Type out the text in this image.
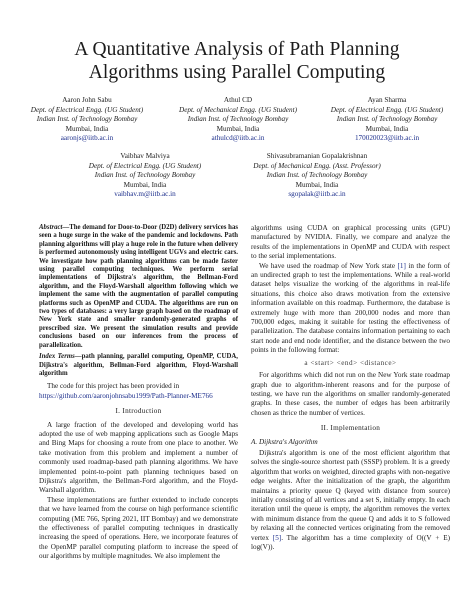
A Quantitative Analysis of Path Planning
Algorithms using Parallel Computing
Aaron John Sabu
Dept. of Electrical Engg. (UG Student)
Indian Inst. of Technology Bombay
Mumbai, India
aaronjs@iitb.ac.in
Athul CD
Dept. of Mechanical Engg. (UG Student)
Indian Inst. of Technology Bombay
Mumbai, India
athulcd@iitb.ac.in
Ayan Sharma
Dept. of Electrical Engg. (UG Student)
Indian Inst. of Technology Bombay
Mumbai, India
170020023@iitb.ac.in
Vaibhav Malviya
Dept. of Electrical Engg. (UG Student)
Indian Inst. of Technology Bombay
Mumbai, India
vaibhav.m@iitb.ac.in
Shivasubramanian Gopalakrishnan
Dept. of Mechanical Engg. (Asst. Professor)
Indian Inst. of Technology Bombay
Mumbai, India
sgopalak@iitb.ac.in
Abstract—The demand for Door-to-Door (D2D) delivery services has seen a huge surge in the wake of the pandemic and lockdowns. Path planning algorithms will play a huge role in the future when delivery is performed autonomously using intelligent UGVs and electric cars. We investigate how path planning algorithms can be made faster using parallel computing techniques. We perform serial implementations of Dijkstra's algorithm, the Bellman-Ford algorithm, and the Floyd-Warshall algorithm following which we implement the same with the augmentation of parallel computing platforms such as OpenMP and CUDA. The algorithms are run on two types of databases: a very large graph based on the roadmap of New York state and smaller randomly-generated graphs of prescribed size. We present the simulation results and provide conclusions based on our inferences from the process of parallelization.
Index Terms—path planning, parallel computing, OpenMP, CUDA, Dijkstra's algorithm, Bellman-Ford algorithm, Floyd-Warshall algorithm

The code for this project has been provided in
https://github.com/aaronjohnsabu1999/Path-Planner-ME766

I. Introduction

A large fraction of the developed and developing world has adopted the use of web mapping applications such as Google Maps and Bing Maps for choosing a route from one place to another. We take motivation from this problem and implement a number of commonly used roadmap-based path planning algorithms. We have implemented point-to-point path planning techniques based on Dijkstra's algorithm, the Bellman-Ford algorithm, and the Floyd-Warshall algorithm.

These implementations are further extended to include concepts that we have learned from the course on high performance scientific computing (ME 766, Spring 2021, IIT Bombay) and we demonstrate the effectiveness of parallel computing techniques in drastically increasing the speed of operations. Here, we incorporate features of the OpenMP parallel computing platform to increase the speed of our algorithms by multiple magnitudes. We also implement the

algorithms using CUDA on graphical processing units (GPU) manufactured by NVIDIA. Finally, we compare and analyze the results of the implementations in OpenMP and CUDA with respect to the serial implementations.

We have used the roadmap of New York state [1] in the form of an undirected graph to test the implementations. While a real-world dataset helps visualize the working of the algorithms in real-life situations, this choice also draws motivation from the extensive information available on this roadmap. Furthermore, the database is extremely huge with more than 200,000 nodes and more than 700,000 edges, making it suitable for testing the effectiveness of parallelization. The database contains information pertaining to each start node and end node identifier, and the distance between the two points in the following format:

a <start> <end> <distance>

For algorithms which did not run on the New York state roadmap graph due to algorithm-inherent reasons and for the purpose of testing, we have run the algorithms on smaller randomly-generated graphs. In these cases, the number of edges has been arbitrarily chosen as thrice the number of vertices.

II. Implementation
A. Dijkstra's Algorithm

Dijkstra's algorithm is one of the most efficient algorithm that solves the single-source shortest path (SSSP) problem. It is a greedy algorithm that works on weighted, directed graphs with non-negative edge weights. After the initialization of the graph, the algorithm maintains a priority queue Q (keyed with distance from source) initially consisting of all vertices and a set S, initially empty. In each iteration until the queue is empty, the algorithm removes the vertex with minimum distance from the queue Q and adds it to S followed by relaxing all the connected vertices originating from the removed vertex [5]. The algorithm has a time complexity of O((V + E) log(V)).
